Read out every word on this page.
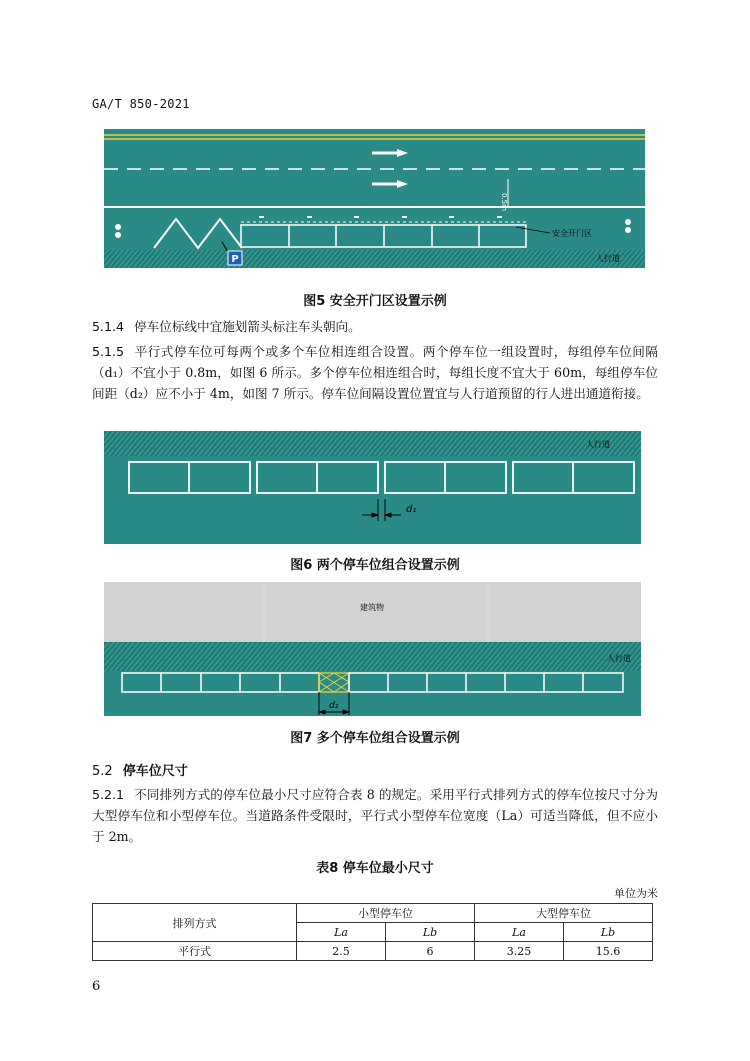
GA/T 850-2021
0.5m
安全开门区
人行道
P
图5 安全开门区设置示例
5.1.4 停车位标线中宜施划箭头标注车头朝向。
5.1.5 平行式停车位可每两个或多个车位相连组合设置。两个停车位一组设置时，每组停车位间隔（d₁）不宜小于 0.8m，如图 6 所示。多个停车位相连组合时，每组长度不宜大于 60m，每组停车位间距（d₂）应不小于 4m，如图 7 所示。停车位间隔设置位置宜与人行道预留的行人进出通道衔接。
人行道
d₁
图6 两个停车位组合设置示例
建筑物
人行道
d₂
图7 多个停车位组合设置示例
5.2 停车位尺寸
5.2.1 不同排列方式的停车位最小尺寸应符合表 8 的规定。采用平行式排列方式的停车位按尺寸分为大型停车位和小型停车位。当道路条件受限时，平行式小型停车位宽度（La）可适当降低，但不应小于 2m。
表8 停车位最小尺寸
单位为米
排列方式	小型停车位		大型停车位	
	La	Lb	La	Lb
平行式	2.5	6	3.25	15.6
6
